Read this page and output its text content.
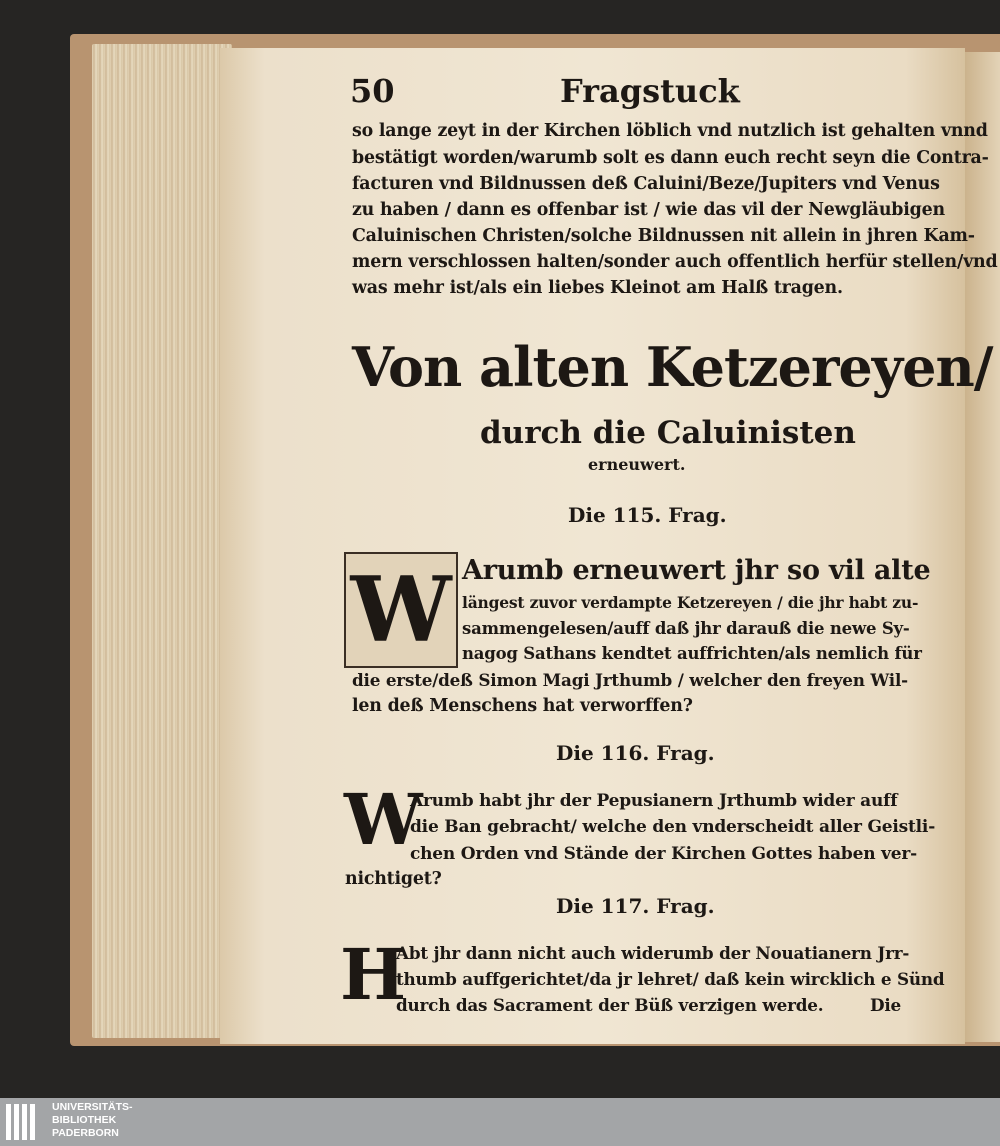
50	Fragstuck
so lange zeyt in der Kirchen löblich vnd nutzlich ist gehalten vnnd
bestätigt worden/warumb solt es dann euch recht seyn die Contra-
facturen vnd Bildnussen deß Caluini/Beze/Jupiters vnd Venus
zu haben / dann es offenbar ist / wie das vil der Newgläubigen
Caluinischen Christen/solche Bildnussen nit allein in jhren Kam-
mern verschlossen halten/sonder auch offentlich herfür stellen/vnd
was mehr ist/als ein liebes Kleinot am Halß tragen.
Von alten Ketzereyen/
durch die Caluinisten
erneuwert.
Die 115. Frag.
W Arumb erneuwert jhr so vil alte
längest zuvor verdampte Ketzereyen / die jhr habt zu-
sammengelesen/auff daß jhr darauß die newe Sy-
nagog Sathans kendtet auffrichten/als nemlich für
die erste/deß Simon Magi Jrthumb / welcher den freyen Wil-
len deß Menschens hat verworffen?
Die 116. Frag.
W
Arumb habt jhr der Pepusianern Jrthumb wider auff
die Ban gebracht/ welche den vnderscheidt aller Geistli-
chen Orden vnd Stände der Kirchen Gottes haben ver-
nichtiget?
Die 117. Frag.
H
Abt jhr dann nicht auch widerumb der Nouatianern Jrr-
thumb auffgerichtet/da jr lehret/ daß kein wircklich e Sünd
durch das Sacrament der Büß verzigen werde.	Die
UNIVERSITÄTS-
BIBLIOTHEK
PADERBORN
